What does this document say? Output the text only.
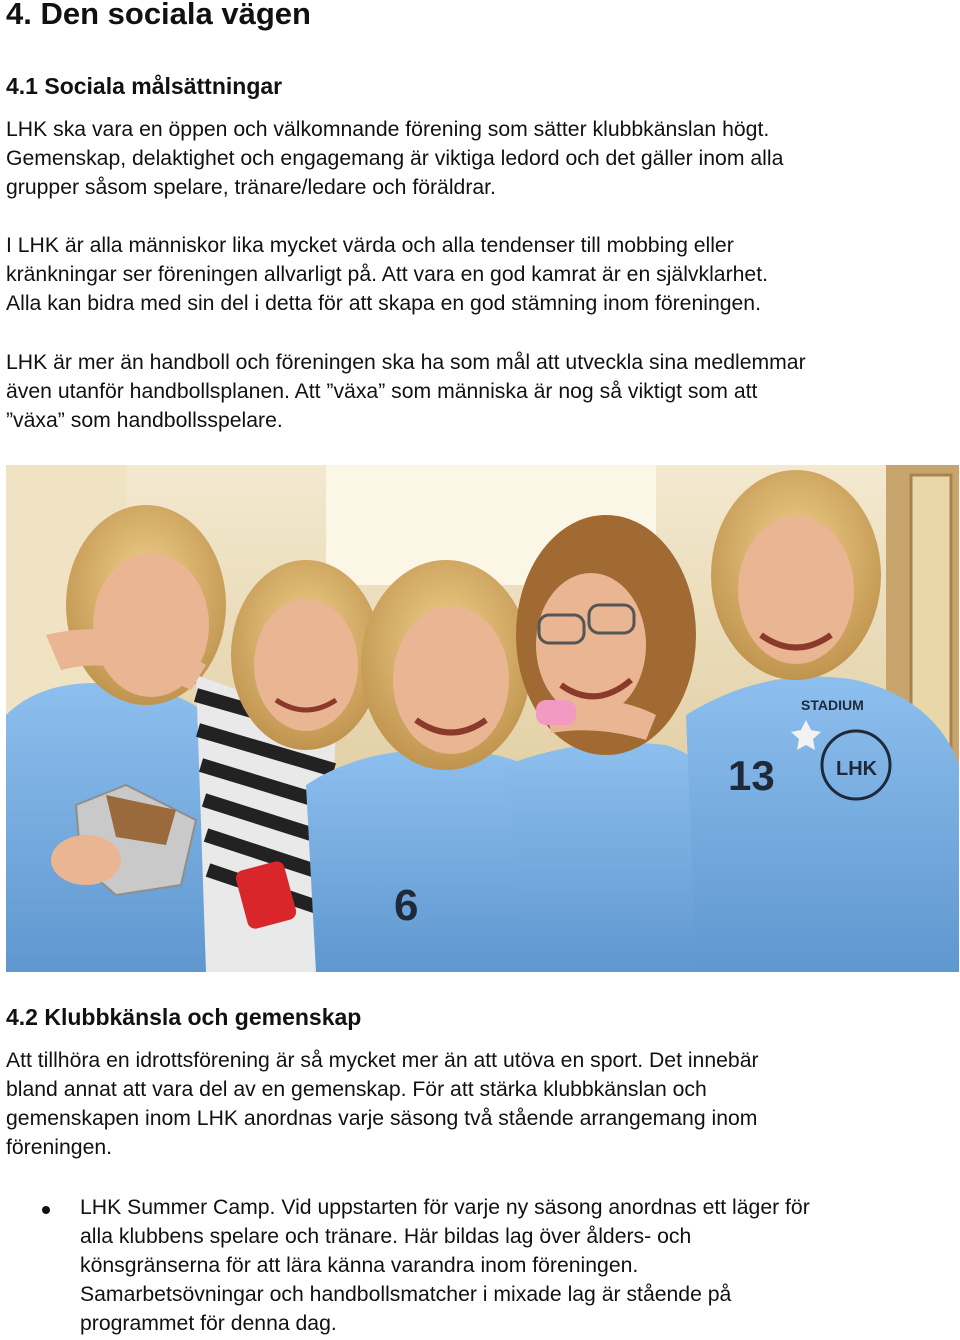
4. Den sociala vägen
4.1 Sociala målsättningar

LHK ska vara en öppen och välkomnande förening som sätter klubbkänslan högt.
Gemenskap, delaktighet och engagemang är viktiga ledord och det gäller inom alla
grupper såsom spelare, tränare/ledare och föräldrar.

I LHK är alla människor lika mycket värda och alla tendenser till mobbing eller
kränkningar ser föreningen allvarligt på. Att vara en god kamrat är en självklarhet.
Alla kan bidra med sin del i detta för att skapa en god stämning inom föreningen.

LHK är mer än handboll och föreningen ska ha som mål att utveckla sina medlemmar
även utanför handbollsplanen. Att ”växa” som människa är nog så viktigt som att
”växa” som handbollsspelare.

6
13	LHK
STADIUM
4.2 Klubbkänsla och gemenskap

Att tillhöra en idrottsförening är så mycket mer än att utöva en sport. Det innebär
bland annat att vara del av en gemenskap. För att stärka klubbkänslan och
gemenskapen inom LHK anordnas varje säsong två stående arrangemang inom
föreningen.

LHK Summer Camp. Vid uppstarten för varje ny säsong anordnas ett läger för
alla klubbens spelare och tränare. Här bildas lag över ålders- och
könsgränserna för att lära känna varandra inom föreningen.
Samarbetsövningar och handbollsmatcher i mixade lag är stående på
programmet för denna dag.
